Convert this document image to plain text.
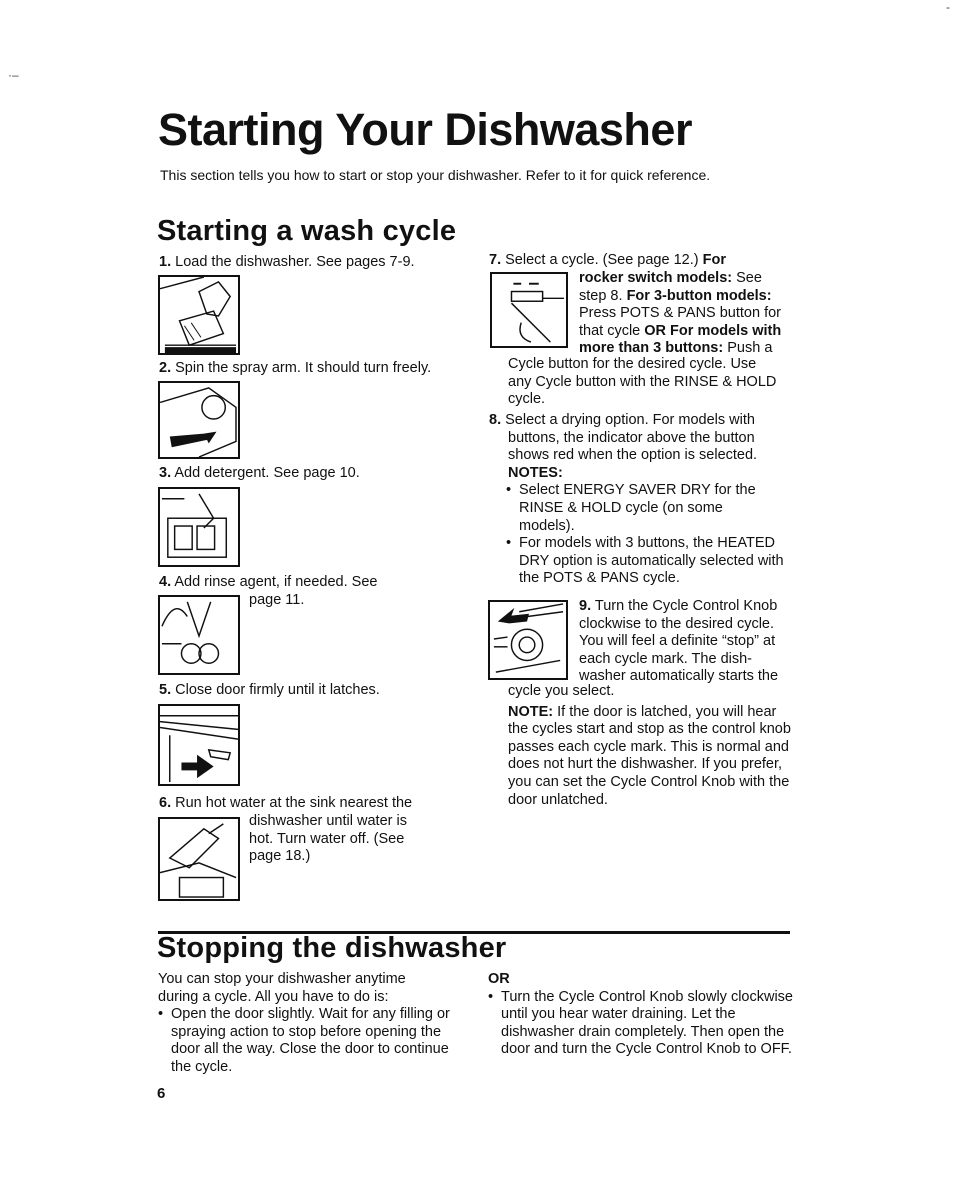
-
·–
Starting Your Dishwasher

This section tells you how to start or stop your dishwasher. Refer to it for quick reference.

Starting a wash cycle
1. Load the dishwasher. See pages 7-9.
2. Spin the spray arm. It should turn freely.
3. Add detergent. See page 10.
4. Add rinse agent, if needed. See
page 11.
5. Close door firmly until it latches.
6. Run hot water at the sink nearest the
dishwasher until water is
hot. Turn water off. (See
page 18.)
7. Select a cycle. (See page 12.) For
rocker switch models: See
step 8. For 3-button models:
Press POTS & PANS button for
that cycle OR For models with
more than 3 buttons: Push a
Cycle button for the desired cycle. Use
any Cycle button with the RINSE & HOLD
cycle.
8. Select a drying option. For models with
buttons, the indicator above the button
shows red when the option is selected.
NOTES:
• Select ENERGY SAVER DRY for the RINSE & HOLD cycle (on some models).
• For models with 3 buttons, the HEATED DRY option is automatically selected with the POTS & PANS cycle.
9. Turn the Cycle Control Knob
clockwise to the desired cycle.
You will feel a definite “stop” at
each cycle mark. The dish-
washer automatically starts the
cycle you select.
NOTE: If the door is latched, you will hear the cycles start and stop as the control knob passes each cycle mark. This is normal and does not hurt the dishwasher. If you prefer, you can set the Cycle Control Knob with the door unlatched.
Stopping the dishwasher
You can stop your dishwasher anytime during a cycle. All you have to do is:
• Open the door slightly. Wait for any filling or spraying action to stop before opening the door all the way. Close the door to continue the cycle.
OR
• Turn the Cycle Control Knob slowly clockwise until you hear water draining. Let the dishwasher drain completely. Then open the door and turn the Cycle Control Knob to OFF.
6
